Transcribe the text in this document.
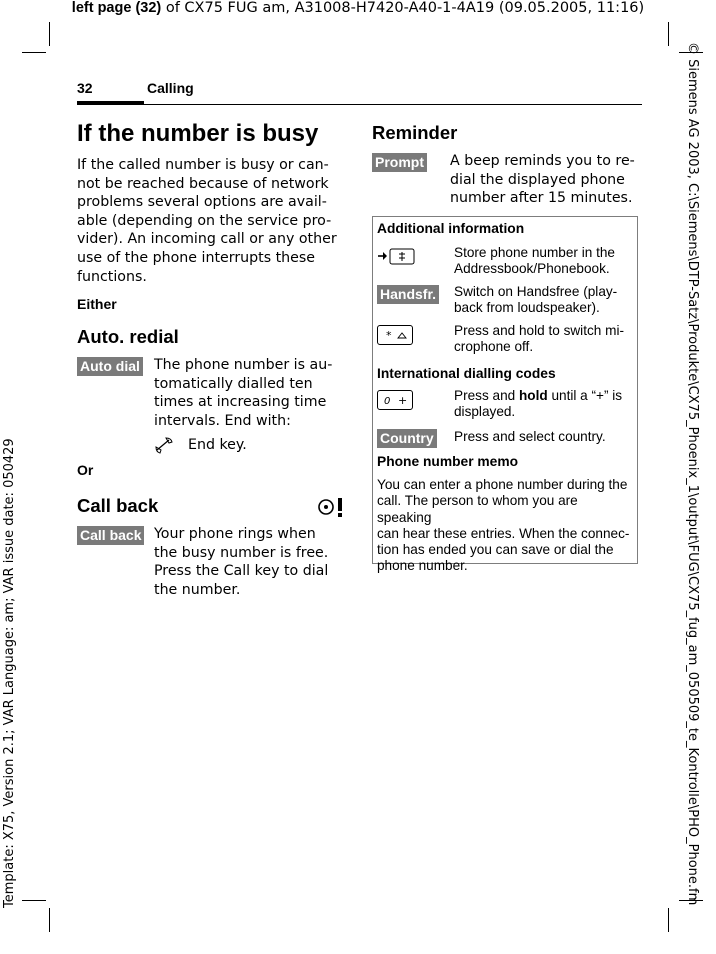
left page (32) of CX75 FUG am, A31008-H7420-A40-1-4A19 (09.05.2005, 11:16)
Template: X75, Version 2.1; VAR Language: am; VAR issue date: 050429	© Siemens AG 2003, C:\Siemens\DTP-Satz\Produkte\CX75_Phoenix_1\output\FUG\CX75_fug_am_050509_te_Kontrolle\PHO_Phone.fm
32	Calling
If the number is busy
If the called number is busy or can-
not be reached because of network
problems several options are avail-
able (depending on the service pro-
vider). An incoming call or any other
use of the phone interrupts these
functions.
Either
Auto. redial
Auto dial The phone number is au-
tomatically dialled ten
times at increasing time
intervals. End with:
End key.
Or
Call back
Call back Your phone rings when
the busy number is free.
Press the Call key to dial
the number.
Reminder
Prompt A beep reminds you to re-
dial the displayed phone
number after 15 minutes.
Additional information
Store phone number in the
Addressbook/Phonebook.
Handsfr. Switch on Handsfree (play-
back from loudspeaker).
*	Press and hold to switch mi-
crophone off.
International dialling codes
0 +	Press and hold until a “+” is
displayed.
Country Press and select country.
Phone number memo
You can enter a phone number during the
call. The person to whom you are speaking
can hear these entries. When the connec-
tion has ended you can save or dial the
phone number.
